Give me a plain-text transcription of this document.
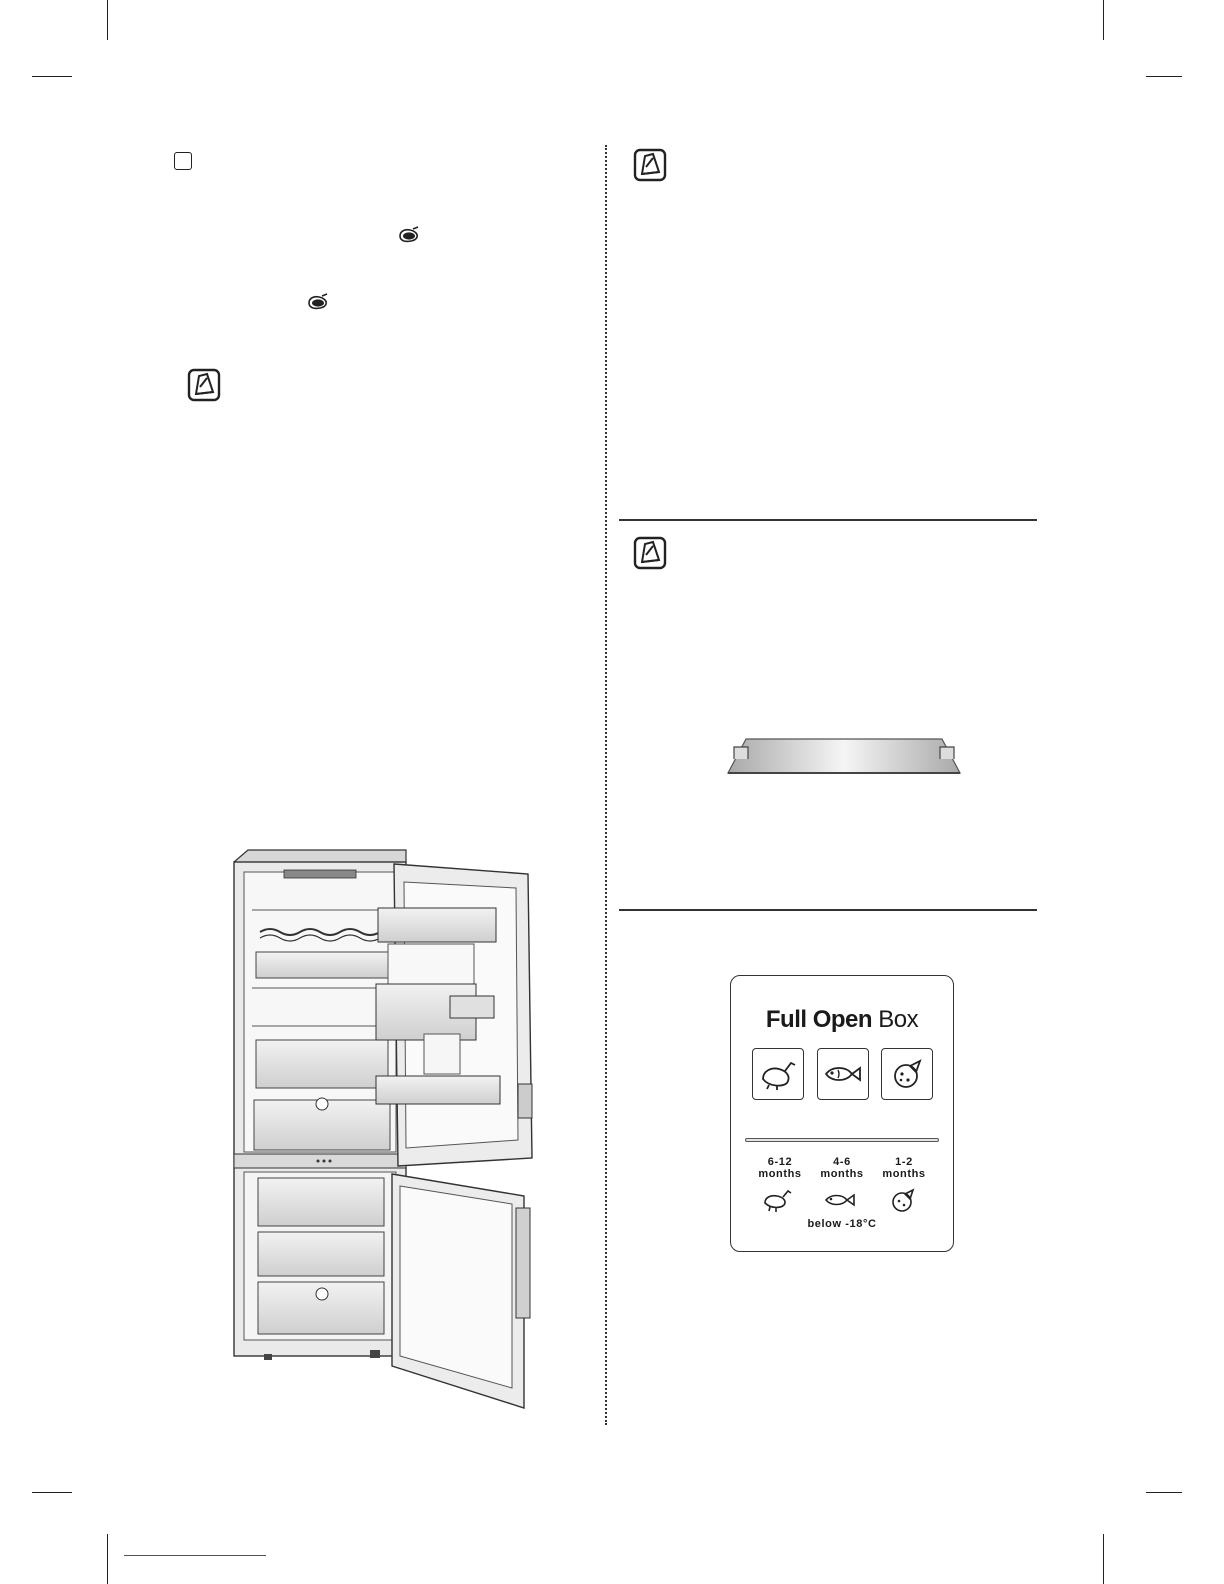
Full Open Box
6-12
months
4-6
months
1-2
months
below -18°C
